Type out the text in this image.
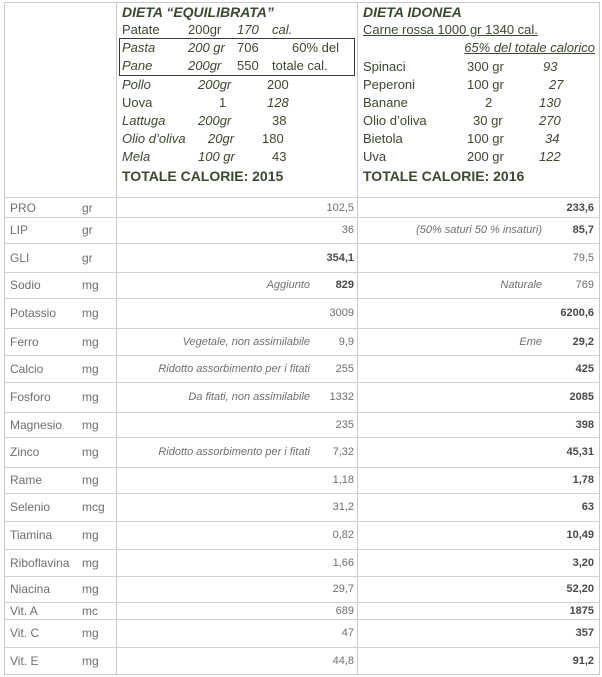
DIETA “EQUILIBRATA”
Patate 200gr 170 cal.
Pasta	200 gr 706	60% del
Pane	200gr 550 totale cal.
Pollo	200gr	200
Uova	1	128
Lattuga	200gr	38
Olio d’oliva 20gr 180
Mela	100 gr	43
TOTALE CALORIE: 2015
DIETA IDONEA
Carne rossa 1000 gr 1340 cal.
65% del totale calorico
Spinaci	300 gr	93
Peperoni	100 gr	27
Banane	2	130
Olio d’oliva	30 gr	270
Bietola	100 gr	34
Uva	200 gr	122
TOTALE CALORIE: 2016
PRO	gr	102,5	233,6
LIP	gr	36	(50% saturi 50 % insaturi)	85,7
GLI	gr	354,1	79,5
Sodio	mg	Aggiunto 829	Naturale	769
Potassio mg	3009	6200,6
Ferro	mg	Vegetale, non assimilabile	9,9	Eme	29,2
Calcio	mg	Ridotto assorbimento per i fitati 255	425
Fosforo	mg	Da fitati, non assimilabile 1332	2085
Magnesio mg	235	398
Zinco	mg	Ridotto assorbimento per i fitati 7,32	45,31
Rame	mg	1,18	1,78
Selenio	mcg	31,2	63
Tiamina mg	0,82	10,49
Riboflavina mg	1,66	3,20
Niacina	mg	29,7	52,20
Vit. A	mc	689	1875
Vit. C	mg	47	357
Vit. E	mg	44,8	91,2
